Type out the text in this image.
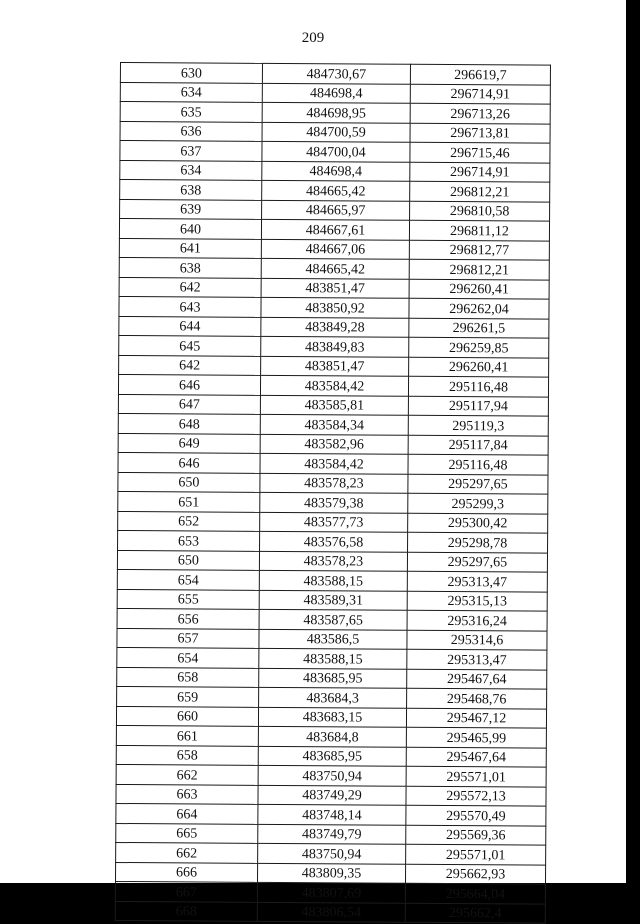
209
630	484730,67	296619,7
634	484698,4	296714,91
635	484698,95	296713,26
636	484700,59	296713,81
637	484700,04	296715,46
634	484698,4	296714,91
638	484665,42	296812,21
639	484665,97	296810,58
640	484667,61	296811,12
641	484667,06	296812,77
638	484665,42	296812,21
642	483851,47	296260,41
643	483850,92	296262,04
644	483849,28	296261,5
645	483849,83	296259,85
642	483851,47	296260,41
646	483584,42	295116,48
647	483585,81	295117,94
648	483584,34	295119,3
649	483582,96	295117,84
646	483584,42	295116,48
650	483578,23	295297,65
651	483579,38	295299,3
652	483577,73	295300,42
653	483576,58	295298,78
650	483578,23	295297,65
654	483588,15	295313,47
655	483589,31	295315,13
656	483587,65	295316,24
657	483586,5	295314,6
654	483588,15	295313,47
658	483685,95	295467,64
659	483684,3	295468,76
660	483683,15	295467,12
661	483684,8	295465,99
658	483685,95	295467,64
662	483750,94	295571,01
663	483749,29	295572,13
664	483748,14	295570,49
665	483749,79	295569,36
662	483750,94	295571,01
666	483809,35	295662,93
667	483807,69	295664,04
668	483806,54	295662,4
